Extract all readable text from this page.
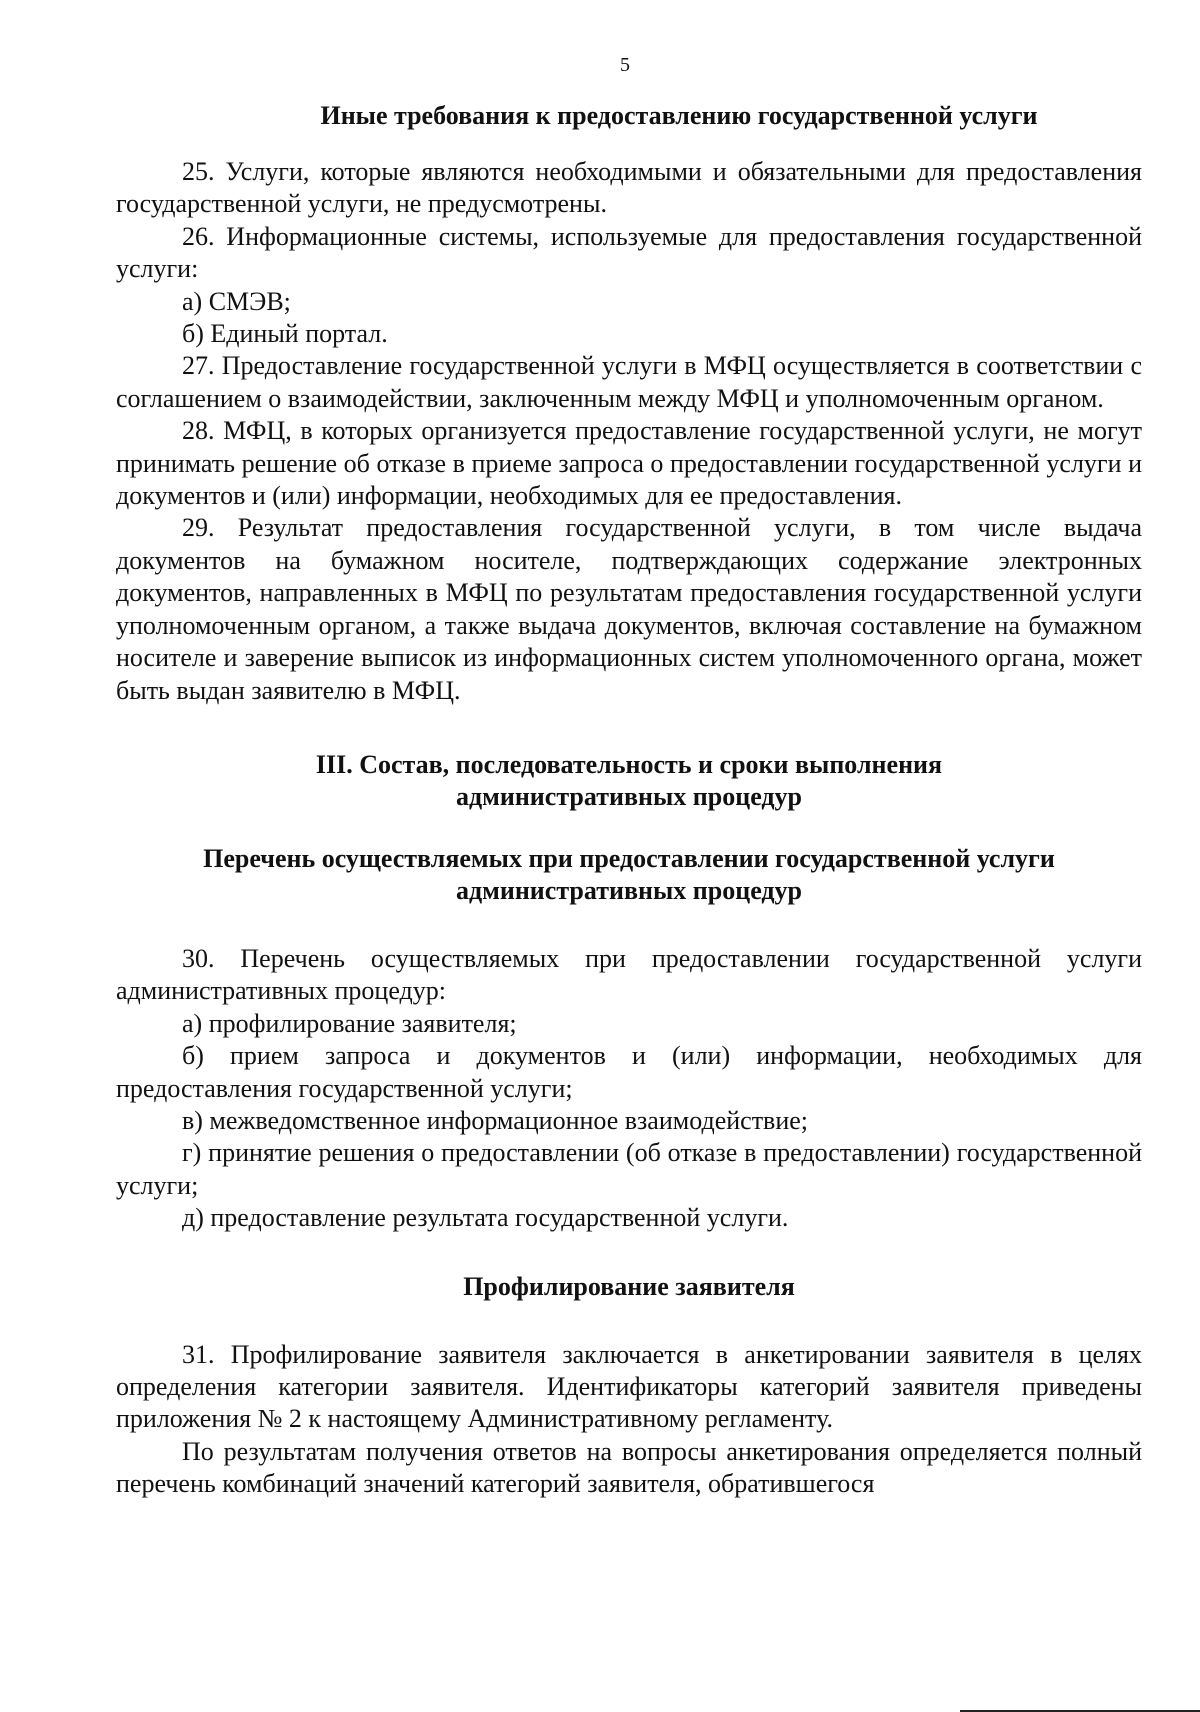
5
Иные требования к предоставлению государственной услуги

25. Услуги, которые являются необходимыми и обязательными для предоставления государственной услуги, не предусмотрены.

26. Информационные системы, используемые для предоставления государственной услуги:

а) СМЭВ;

б) Единый портал.

27. Предоставление государственной услуги в МФЦ осуществляется в соответствии с соглашением о взаимодействии, заключенным между МФЦ и уполномоченным органом.

28. МФЦ, в которых организуется предоставление государственной услуги, не могут принимать решение об отказе в приеме запроса о предоставлении государственной услуги и документов и (или) информации, необходимых для ее предоставления.

29. Результат предоставления государственной услуги, в том числе выдача документов на бумажном носителе, подтверждающих содержание электронных документов, направленных в МФЦ по результатам предоставления государственной услуги уполномоченным органом, а также выдача документов, включая составление на бумажном носителе и заверение выписок из информационных систем уполномоченного органа, может быть выдан заявителю в МФЦ.

III. Состав, последовательность и сроки выполнения
административных процедур
Перечень осуществляемых при предоставлении государственной услуги
административных процедур

30. Перечень осуществляемых при предоставлении государственной услуги административных процедур:

а) профилирование заявителя;

б) прием запроса и документов и (или) информации, необходимых для предоставления государственной услуги;

в) межведомственное информационное взаимодействие;

г) принятие решения о предоставлении (об отказе в предоставлении) государственной услуги;

д) предоставление результата государственной услуги.

Профилирование заявителя

31. Профилирование заявителя заключается в анкетировании заявителя в целях определения категории заявителя. Идентификаторы категорий заявителя приведены приложения № 2 к настоящему Административному регламенту.

По результатам получения ответов на вопросы анкетирования определяется полный перечень комбинаций значений категорий заявителя, обратившегося
